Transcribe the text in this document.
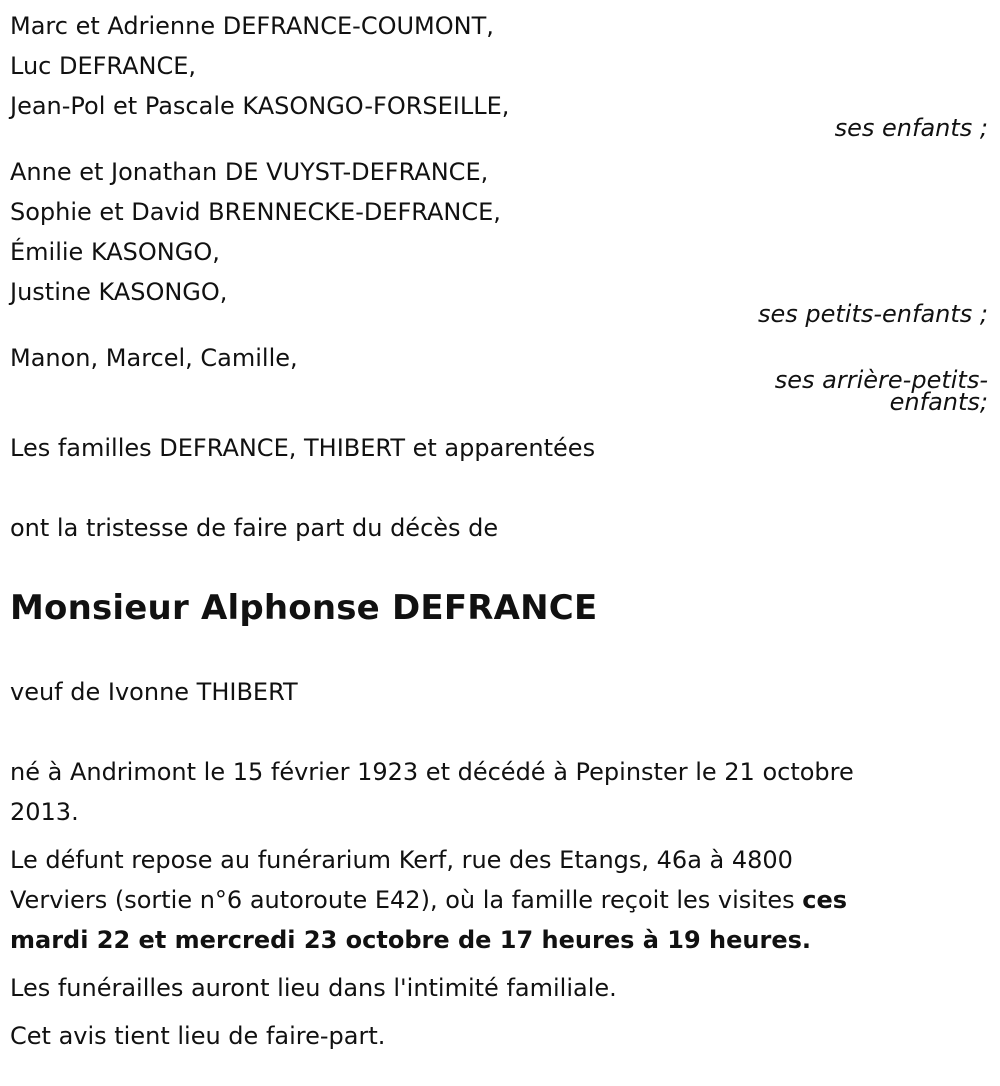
Marc et Adrienne DEFRANCE-COUMONT,
Luc DEFRANCE,
Jean-Pol et Pascale KASONGO-FORSEILLE,
ses enfants ;
Anne et Jonathan DE VUYST-DEFRANCE,
Sophie et David BRENNECKE-DEFRANCE,
Émilie KASONGO,
Justine KASONGO,
ses petits-enfants ;
Manon, Marcel, Camille,
ses arrière-petits-
enfants;

Les familles DEFRANCE, THIBERT et apparentées

ont la tristesse de faire part du décès de

Monsieur Alphonse DEFRANCE

veuf de Ivonne THIBERT

né à Andrimont le 15 février 1923 et décédé à Pepinster le 21 octobre
2013.
Le défunt repose au funérarium Kerf, rue des Etangs, 46a à 4800
Verviers (sortie n°6 autoroute E42), où la famille reçoit les visites ces
mardi 22 et mercredi 23 octobre de 17 heures à 19 heures.

Les funérailles auront lieu dans l'intimité familiale.

Cet avis tient lieu de faire-part.
